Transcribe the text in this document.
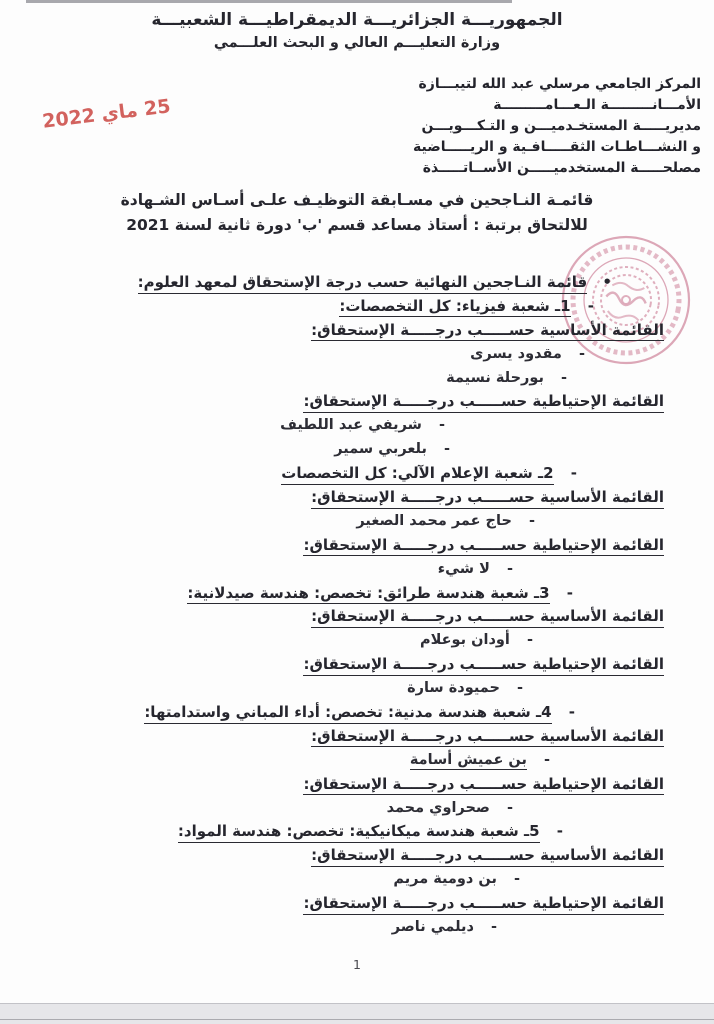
الجمهوريـــة الجزائريـــة الديمقراطيـــة الشعبيـــة
وزارة التعليـــم العالي و البحث العلـــمي
المركز الجامعي مرسلي عبد الله لتيبـــازة
الأمـــانـــــــــة الـعـــامـــــــــة
مديريـــــة المستخـدميـــن و التـكـــويـــن
و النشـــاطـات الثقـــــافـية و الريـــــاضية
مصلحـــــة المستخدميـــــن الأســاتـــــذة
25 ماي 2022
قائمـة النـاجحين في مسـابقة التوظيـف علـى أسـاس الشـهادة
للالتحاق برتبة : أستاذ مساعد قسم 'ب' دورة ثانية لسنة 2021
• قائمة النـاجحين النهائية حسب درجة الإستحقاق لمعهد العلوم:
- 1ـ شعبة فيزياء: كل التخصصات:
القائمة الأساسية حســـــب درجـــــة الإستحقاق:
- مقدود يسرى
- بورحلة نسيمة
القائمة الإحتياطية حســـــب درجـــــة الإستحقاق:
- شريفي عبد اللطيف
- بلعربي سمير
- 2ـ شعبة الإعلام الآلي: كل التخصصات
القائمة الأساسية حســـــب درجـــــة الإستحقاق:
- حاج عمر محمد الصغير
القائمة الإحتياطية حســـــب درجـــــة الإستحقاق:
- لا شيء
- 3ـ شعبة هندسة طرائق: تخصص: هندسة صيدلانية:
القائمة الأساسية حســـــب درجـــــة الإستحقاق:
- أودان بوعلام
القائمة الإحتياطية حســـــب درجـــــة الإستحقاق:
- حميودة سارة
- 4ـ شعبة هندسة مدنية: تخصص: أداء المباني واستدامتها:
القائمة الأساسية حســـــب درجـــــة الإستحقاق:
- بن عميش أسامة
القائمة الإحتياطية حســـــب درجـــــة الإستحقاق:
- صحراوي محمد
- 5ـ شعبة هندسة ميكانيكية: تخصص: هندسة المواد:
القائمة الأساسية حســـــب درجـــــة الإستحقاق:
- بن دومية مريم
القائمة الإحتياطية حســـــب درجـــــة الإستحقاق:
- ديلمي ناصر
1
